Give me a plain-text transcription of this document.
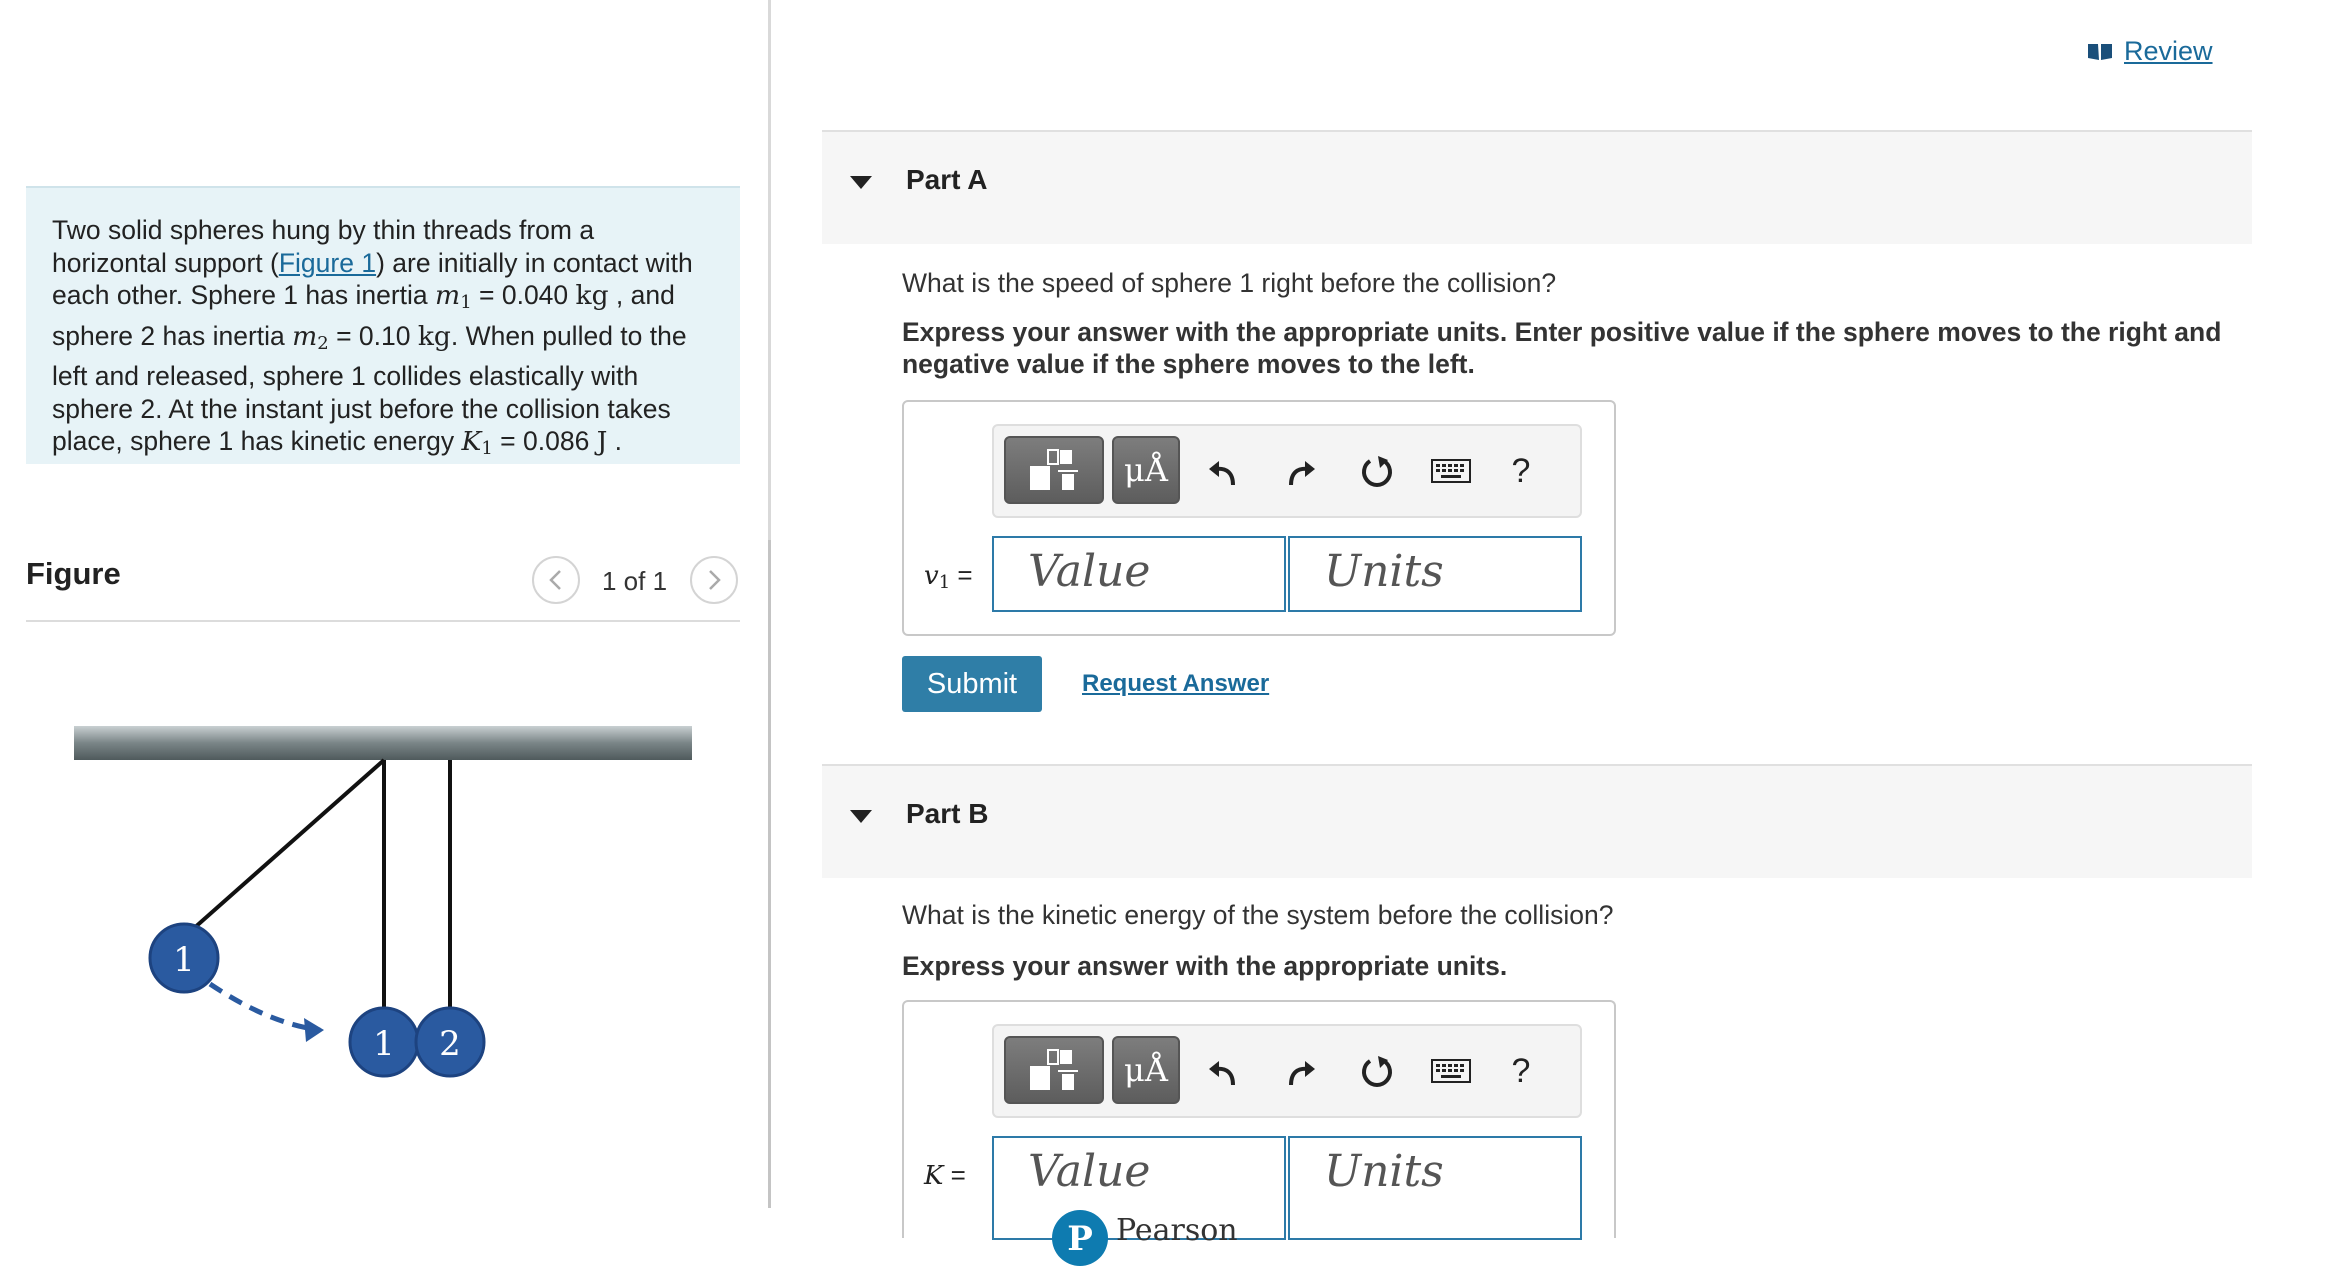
Two solid spheres hung by thin threads from a horizontal support (Figure 1) are initially in contact with each other. Sphere 1 has inertia $m_1 = 0.040$ kg , and sphere 2 has inertia $m_2 = 0.10$ kg. When pulled to the left and released, sphere 1 collides elastically with sphere 2. At the instant just before the collision takes place, sphere 1 has kinetic energy $K_1 = 0.086$ J .
Figure	1 of 1
1
1 2
Review
Part A
What is the speed of sphere 1 right before the collision?
Express your answer with the appropriate units. Enter positive value if the sphere moves to the right and negative value if the sphere moves to the left.
μÅ	?
$v_1$ =	Value	Units
Submit	Request Answer
Part B
What is the kinetic energy of the system before the collision?
Express your answer with the appropriate units.
μÅ	?
K =	Value	Units
P Pearson
